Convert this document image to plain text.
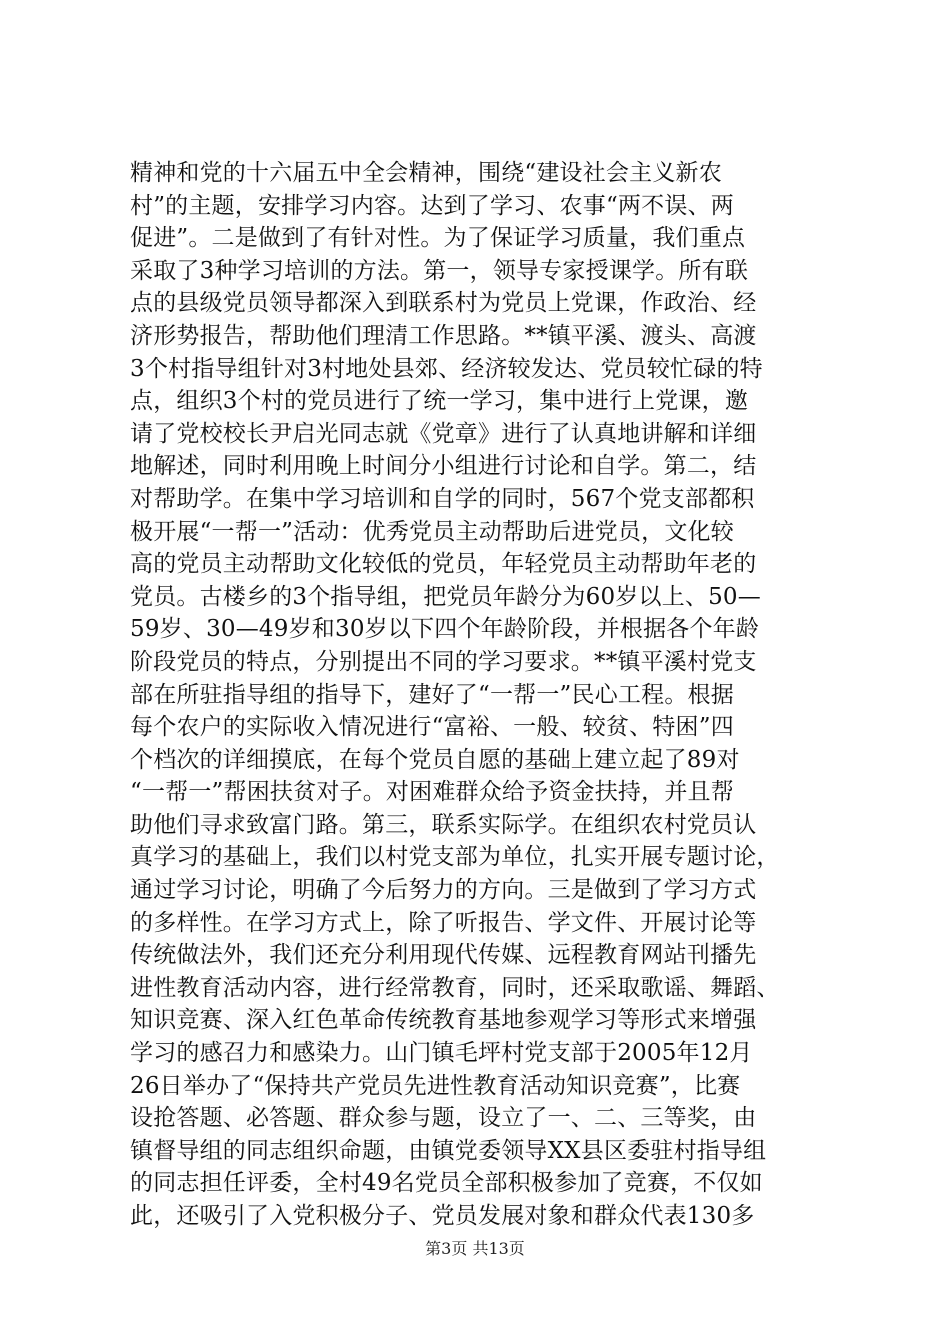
精神和党的十六届五中全会精神，围绕“建设社会主义新农
村”的主题，安排学习内容。达到了学习、农事“两不误、两
促进”。二是做到了有针对性。为了保证学习质量，我们重点
采取了3种学习培训的方法。第一，领导专家授课学。所有联
点的县级党员领导都深入到联系村为党员上党课，作政治、经
济形势报告，帮助他们理清工作思路。**镇平溪、渡头、高渡
3个村指导组针对3村地处县郊、经济较发达、党员较忙碌的特
点，组织3个村的党员进行了统一学习，集中进行上党课，邀
请了党校校长尹启光同志就《党章》进行了认真地讲解和详细
地解述，同时利用晚上时间分小组进行讨论和自学。第二，结
对帮助学。在集中学习培训和自学的同时，567个党支部都积
极开展“一帮一”活动：优秀党员主动帮助后进党员，文化较
高的党员主动帮助文化较低的党员，年轻党员主动帮助年老的
党员。古楼乡的3个指导组，把党员年龄分为60岁以上、50—
59岁、30—49岁和30岁以下四个年龄阶段，并根据各个年龄
阶段党员的特点，分别提出不同的学习要求。**镇平溪村党支
部在所驻指导组的指导下，建好了“一帮一”民心工程。根据
每个农户的实际收入情况进行“富裕、一般、较贫、特困”四
个档次的详细摸底，在每个党员自愿的基础上建立起了89对
“一帮一”帮困扶贫对子。对困难群众给予资金扶持，并且帮
助他们寻求致富门路。第三，联系实际学。在组织农村党员认
真学习的基础上，我们以村党支部为单位，扎实开展专题讨论，
通过学习讨论，明确了今后努力的方向。三是做到了学习方式
的多样性。在学习方式上，除了听报告、学文件、开展讨论等
传统做法外，我们还充分利用现代传媒、远程教育网站刊播先
进性教育活动内容，进行经常教育，同时，还采取歌谣、舞蹈、
知识竞赛、深入红色革命传统教育基地参观学习等形式来增强
学习的感召力和感染力。山门镇毛坪村党支部于2005年12月
26日举办了“保持共产党员先进性教育活动知识竞赛”，比赛
设抢答题、必答题、群众参与题，设立了一、二、三等奖，由
镇督导组的同志组织命题，由镇党委领导XX县区委驻村指导组
的同志担任评委，全村49名党员全部积极参加了竞赛，不仅如
此，还吸引了入党积极分子、党员发展对象和群众代表130多
第3页 共13页
